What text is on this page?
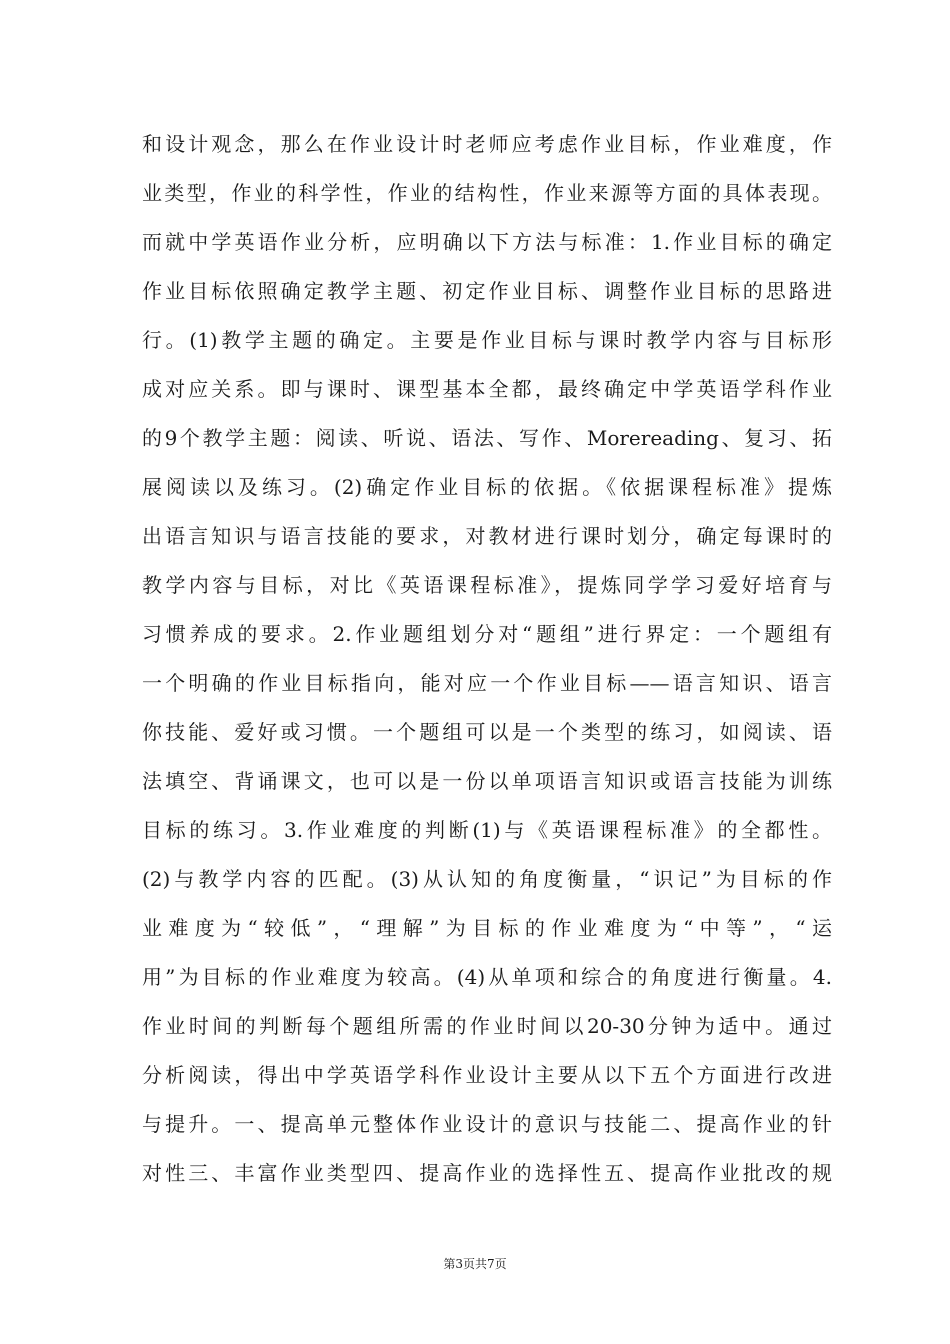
和设计观念，那么在作业设计时老师应考虑作业目标，作业难度，作
业类型，作业的科学性，作业的结构性，作业来源等方面的具体表现。
而就中学英语作业分析，应明确以下方法与标准：1.作业目标的确定
作业目标依照确定教学主题、初定作业目标、调整作业目标的思路进
行。(1)教学主题的确定。主要是作业目标与课时教学内容与目标形
成对应关系。即与课时、课型基本全都，最终确定中学英语学科作业
的9个教学主题：阅读、听说、语法、写作、Morereading、复习、拓
展阅读以及练习。(2)确定作业目标的依据。《依据课程标准》提炼
出语言知识与语言技能的要求，对教材进行课时划分，确定每课时的
教学内容与目标，对比《英语课程标准》，提炼同学学习爱好培育与
习惯养成的要求。2.作业题组划分对“题组”进行界定：一个题组有
一个明确的作业目标指向，能对应一个作业目标——语言知识、语言
你技能、爱好或习惯。一个题组可以是一个类型的练习，如阅读、语
法填空、背诵课文，也可以是一份以单项语言知识或语言技能为训练
目标的练习。3.作业难度的判断(1)与《英语课程标准》的全都性。
(2)与教学内容的匹配。(3)从认知的角度衡量，“识记”为目标的作
业难度为“较低”，“理解”为目标的作业难度为“中等”，“运
用”为目标的作业难度为较高。(4)从单项和综合的角度进行衡量。4.
作业时间的判断每个题组所需的作业时间以20-30分钟为适中。通过
分析阅读，得出中学英语学科作业设计主要从以下五个方面进行改进
与提升。一、提高单元整体作业设计的意识与技能二、提高作业的针
对性三、丰富作业类型四、提高作业的选择性五、提高作业批改的规
第3页共7页
